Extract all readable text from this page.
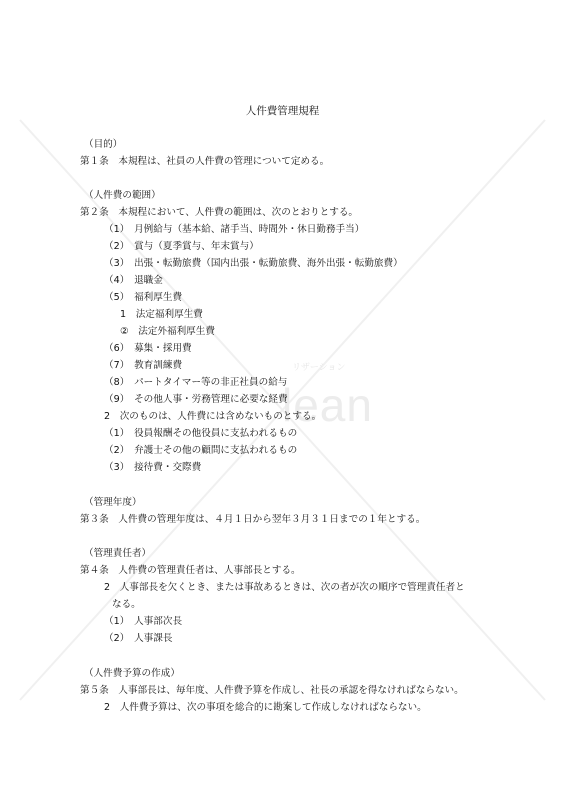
リザーション
lean
人件費管理規程
（目的）
第１条　本規程は、社員の人件費の管理について定める。
（人件費の範囲）
第２条　本規程において、人件費の範囲は、次のとおりとする。
（1）　月例給与（基本給、諸手当、時間外・休日勤務手当）
（2）　賞与（夏季賞与、年末賞与）
（3）　出張・転勤旅費（国内出張・転勤旅費、海外出張・転勤旅費）
（4）　退職金
（5）　福利厚生費
1　法定福利厚生費
②　法定外福利厚生費
（6）　募集・採用費
（7）　教育訓練費
（8）　パートタイマー等の非正社員の給与
（9）　その他人事・労務管理に必要な経費
2　次のものは、人件費には含めないものとする。
（1）　役員報酬その他役員に支払われるもの
（2）　弁護士その他の顧問に支払われるもの
（3）　接待費・交際費
（管理年度）
第３条　人件費の管理年度は、４月１日から翌年３月３１日までの１年とする。
（管理責任者）
第４条　人件費の管理責任者は、人事部長とする。
2　人事部長を欠くとき、または事故あるときは、次の者が次の順序で管理責任者と
なる。
（1）　人事部次長
（2）　人事課長
（人件費予算の作成）
第５条　人事部長は、毎年度、人件費予算を作成し、社長の承認を得なければならない。
2　人件費予算は、次の事項を総合的に勘案して作成しなければならない。
